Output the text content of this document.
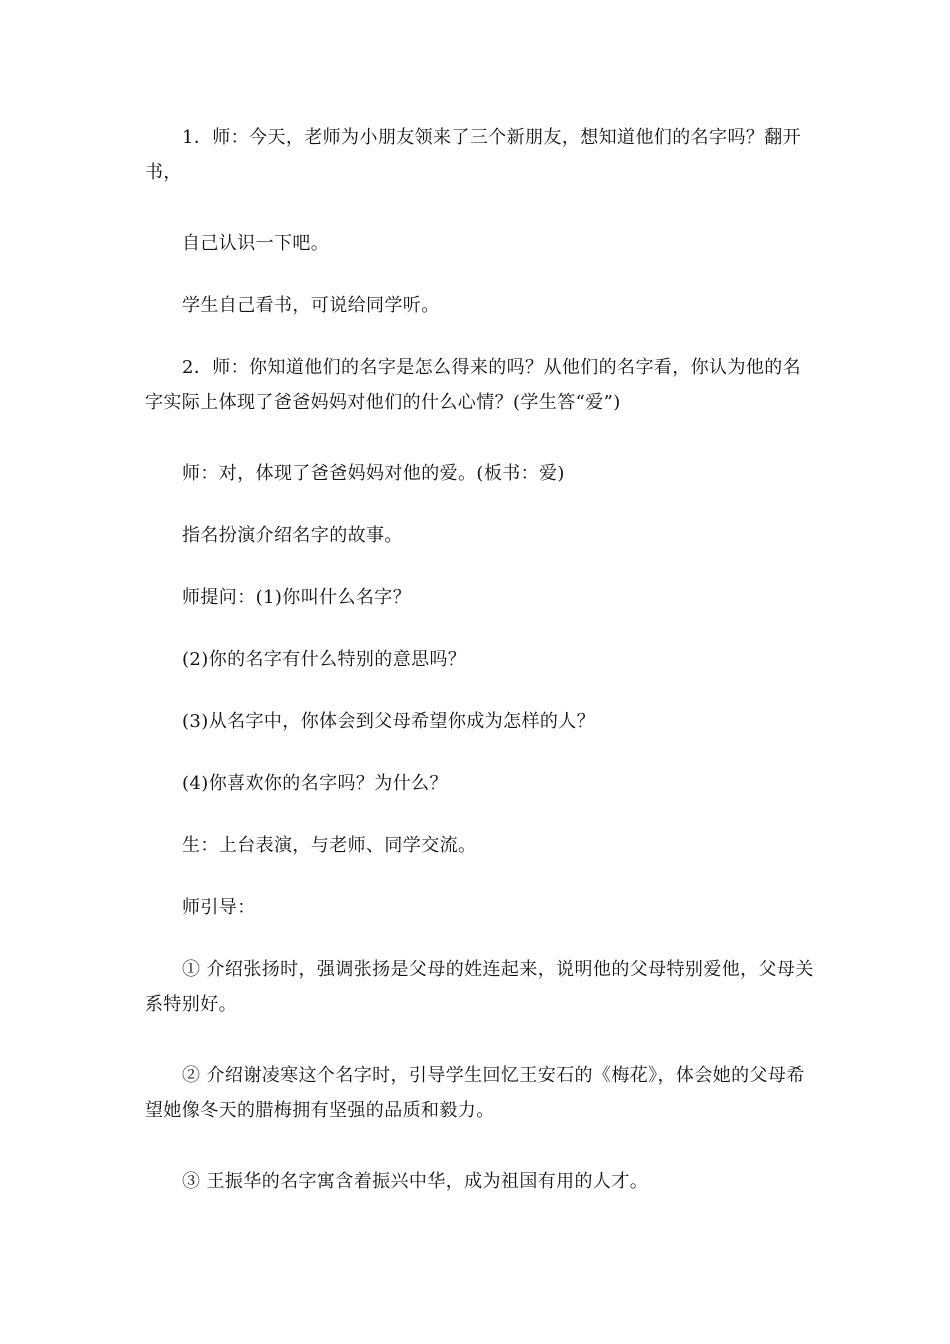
1．师：今天，老师为小朋友领来了三个新朋友，想知道他们的名字吗？翻开书，

自己认识一下吧。

学生自己看书，可说给同学听。

2．师：你知道他们的名字是怎么得来的吗？从他们的名字看，你认为他的名字实际上体现了爸爸妈妈对他们的什么心情？(学生答“爱”)

师：对，体现了爸爸妈妈对他的爱。(板书：爱)

指名扮演介绍名字的故事。

师提问：(1)你叫什么名字？

(2)你的名字有什么特别的意思吗？

(3)从名字中，你体会到父母希望你成为怎样的人？

(4)你喜欢你的名字吗？为什么？

生：上台表演，与老师、同学交流。

师引导：

① 介绍张扬时，强调张扬是父母的姓连起来，说明他的父母特别爱他，父母关系特别好。

② 介绍谢凌寒这个名字时，引导学生回忆王安石的《梅花》，体会她的父母希望她像冬天的腊梅拥有坚强的品质和毅力。

③ 王振华的名字寓含着振兴中华，成为祖国有用的人才。
